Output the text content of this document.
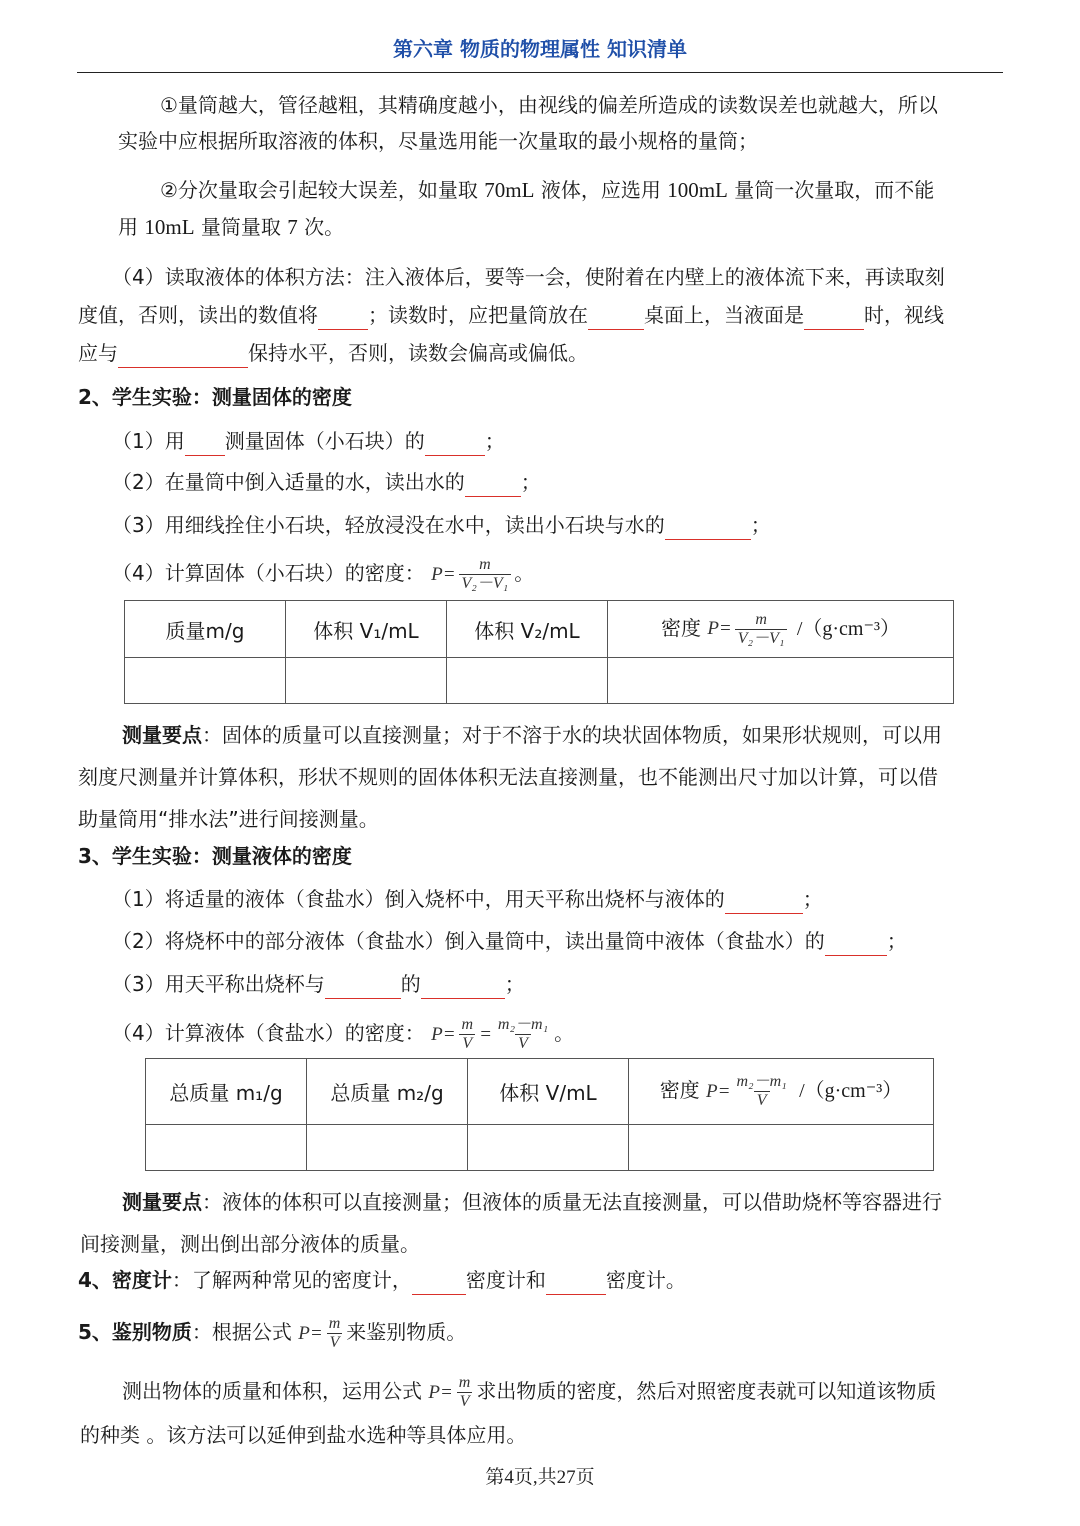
第六章 物质的物理属性 知识清单
①量筒越大，管径越粗，其精确度越小，由视线的偏差所造成的读数误差也就越大，所以
实验中应根据所取溶液的体积，尽量选用能一次量取的最小规格的量筒；
②分次量取会引起较大误差，如量取 70mL 液体，应选用 100mL 量筒一次量取，而不能
用 10mL 量筒量取 7 次。
（4）读取液体的体积方法：注入液体后，要等一会，使附着在内壁上的液体流下来，再读取刻
度值，否则，读出的数值将	；读数时，应把量筒放在	桌面上，当液面是	时，视线
应与	保持水平，否则，读数会偏高或偏低。
2、学生实验：测量固体的密度
（1）用 测量固体（小石块）的	；
（2）在量筒中倒入适量的水，读出水的	；
（3）用细线拴住小石块，轻放浸没在水中，读出小石块与水的	；
（4）计算固体（小石块）的密度： $P= \frac{m}{\text{V₂－V₁}}$ 。
质量m/g	体积 V₁/mL	体积 V₂/mL	密度 $P= \frac{m}{\text{V₂－V₁}} /(g\cdot cm^{-3})$

测量要点：固体的质量可以直接测量；对于不溶于水的块状固体物质，如果形状规则，可以用
刻度尺测量并计算体积，形状不规则的固体体积无法直接测量，也不能测出尺寸加以计算，可以借
助量筒用“排水法”进行间接测量。
3、学生实验：测量液体的密度
（1）将适量的液体（食盐水）倒入烧杯中，用天平称出烧杯与液体的	；
（2）将烧杯中的部分液体（食盐水）倒入量筒中，读出量筒中液体（食盐水）的	；
（3）用天平称出烧杯与	的	；
（4）计算液体（食盐水）的密度： $P= \frac{m}{V} = \frac{\text{m₂－m₁}}{V}$ 。
总质量 m₁/g	总质量 m₂/g	体积 V/mL	密度 $P= \frac{\text{m₂－m₁}}{V} /(g\cdot cm^{-3})$

测量要点：液体的体积可以直接测量；但液体的质量无法直接测量，可以借助烧杯等容器进行
间接测量，测出倒出部分液体的质量。
4、密度计：了解两种常见的密度计，	密度计和	密度计。
5、鉴别物质：根据公式 $P= \frac{m}{V}$ 来鉴别物质。
测出物体的质量和体积，运用公式 $P= \frac{m}{V}$ 求出物质的密度，然后对照密度表就可以知道该物质
的种类 。该方法可以延伸到盐水选种等具体应用。
第4页,共27页
